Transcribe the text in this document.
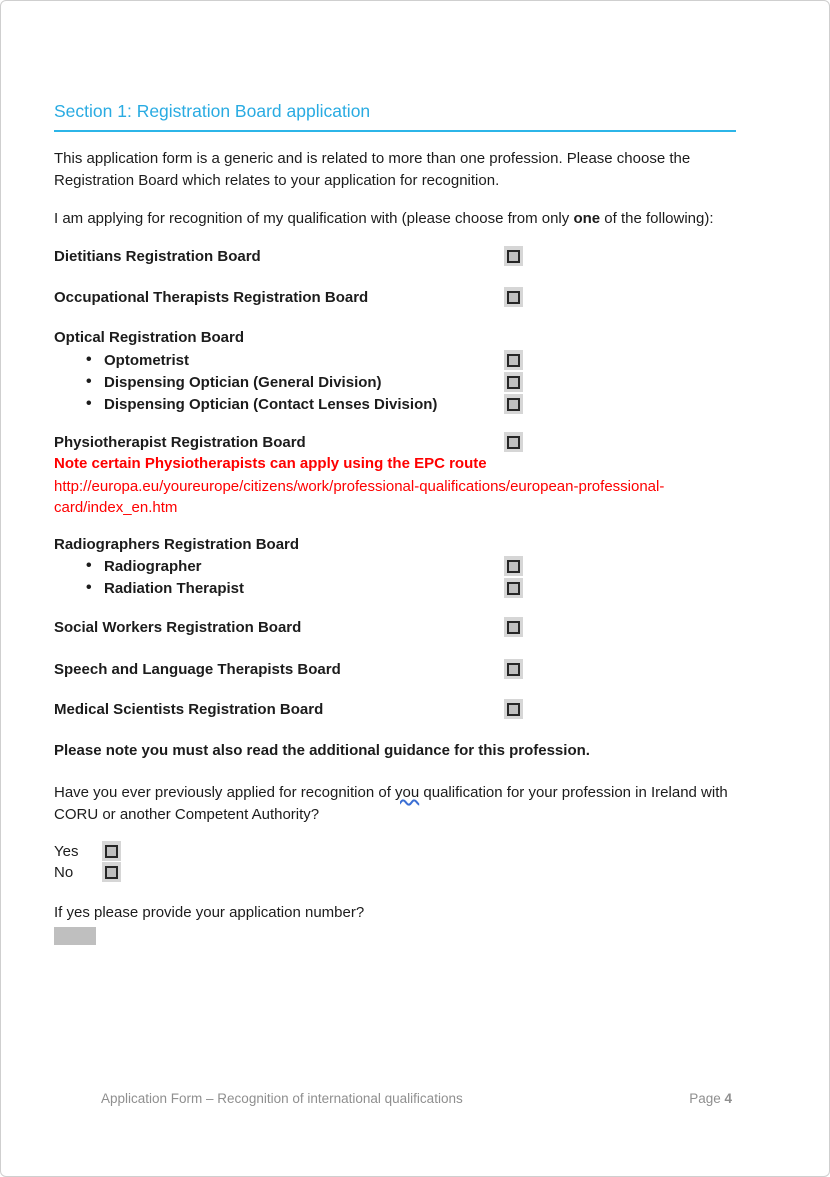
Section 1: Registration Board application
This application form is a generic and is related to more than one profession. Please choose the Registration Board which relates to your application for recognition.
I am applying for recognition of my qualification with (please choose from only one of the following):
Dietitians Registration Board
Occupational Therapists Registration Board
Optical Registration Board
• Optometrist
• Dispensing Optician (General Division)
• Dispensing Optician (Contact Lenses Division)
Physiotherapist Registration Board
Note certain Physiotherapists can apply using the EPC route
http://europa.eu/youreurope/citizens/work/professional-qualifications/european-professional-card/index_en.htm
Radiographers Registration Board
• Radiographer
• Radiation Therapist
Social Workers Registration Board
Speech and Language Therapists Board
Medical Scientists Registration Board
Please note you must also read the additional guidance for this profession.
Have you ever previously applied for recognition of you qualification for your profession in Ireland with CORU or another Competent Authority?
Yes
No
If yes please provide your application number?
Application Form – Recognition of international qualifications	Page 4
